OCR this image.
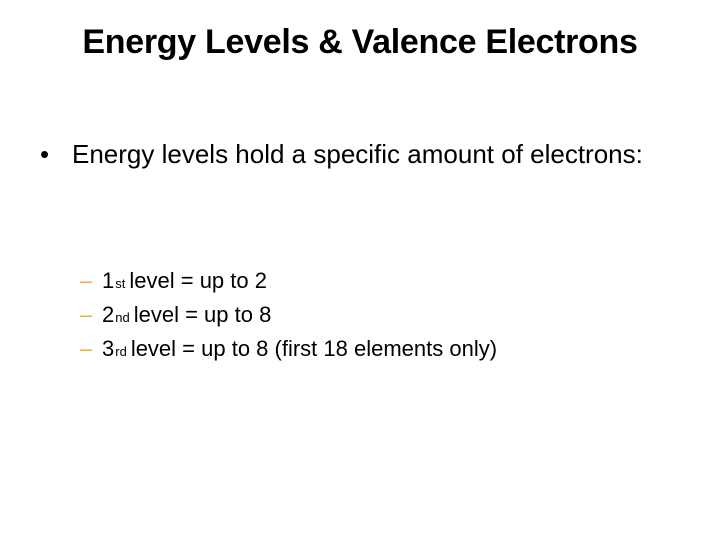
Energy Levels & Valence Electrons
• Energy levels hold a specific amount of electrons:
– 1 st level = up to 2
– 2 nd level = up to 8
– 3 rd level = up to 8 (first 18 elements only)
